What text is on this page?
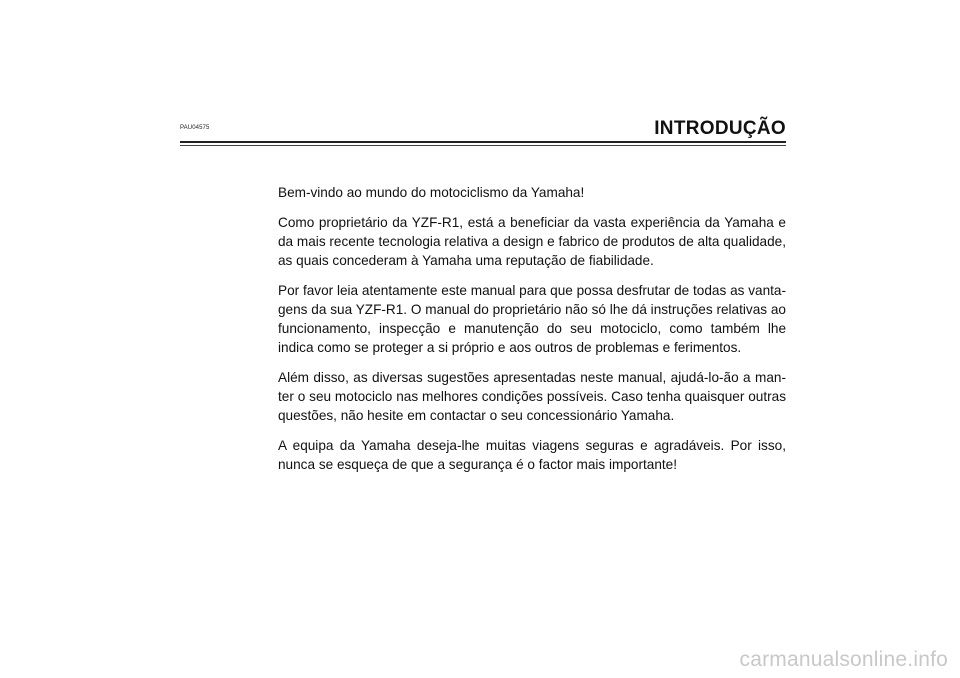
PAU04575	INTRODUÇÃO

Bem-vindo ao mundo do motociclismo da Yamaha!

Como proprietário da YZF-R1, está a beneficiar da vasta experiência da Yamaha e da mais recente tecnologia relativa a design e fabrico de produtos de alta qualidade, as quais concederam à Yamaha uma reputação de fiabilidade.

Por favor leia atentamente este manual para que possa desfrutar de todas as vantagens da sua YZF-R1. O manual do proprietário não só lhe dá instruções relativas ao funcionamento, inspecção e manutenção do seu motociclo, como também lhe indica como se proteger a si próprio e aos outros de problemas e ferimentos.

Além disso, as diversas sugestões apresentadas neste manual, ajudá-lo-ão a manter o seu motociclo nas melhores condições possíveis. Caso tenha quaisquer outras questões, não hesite em contactar o seu concessionário Yamaha.

A equipa da Yamaha deseja-lhe muitas viagens seguras e agradáveis. Por isso, nunca se esqueça de que a segurança é o factor mais importante!

carmanualsonline.info
